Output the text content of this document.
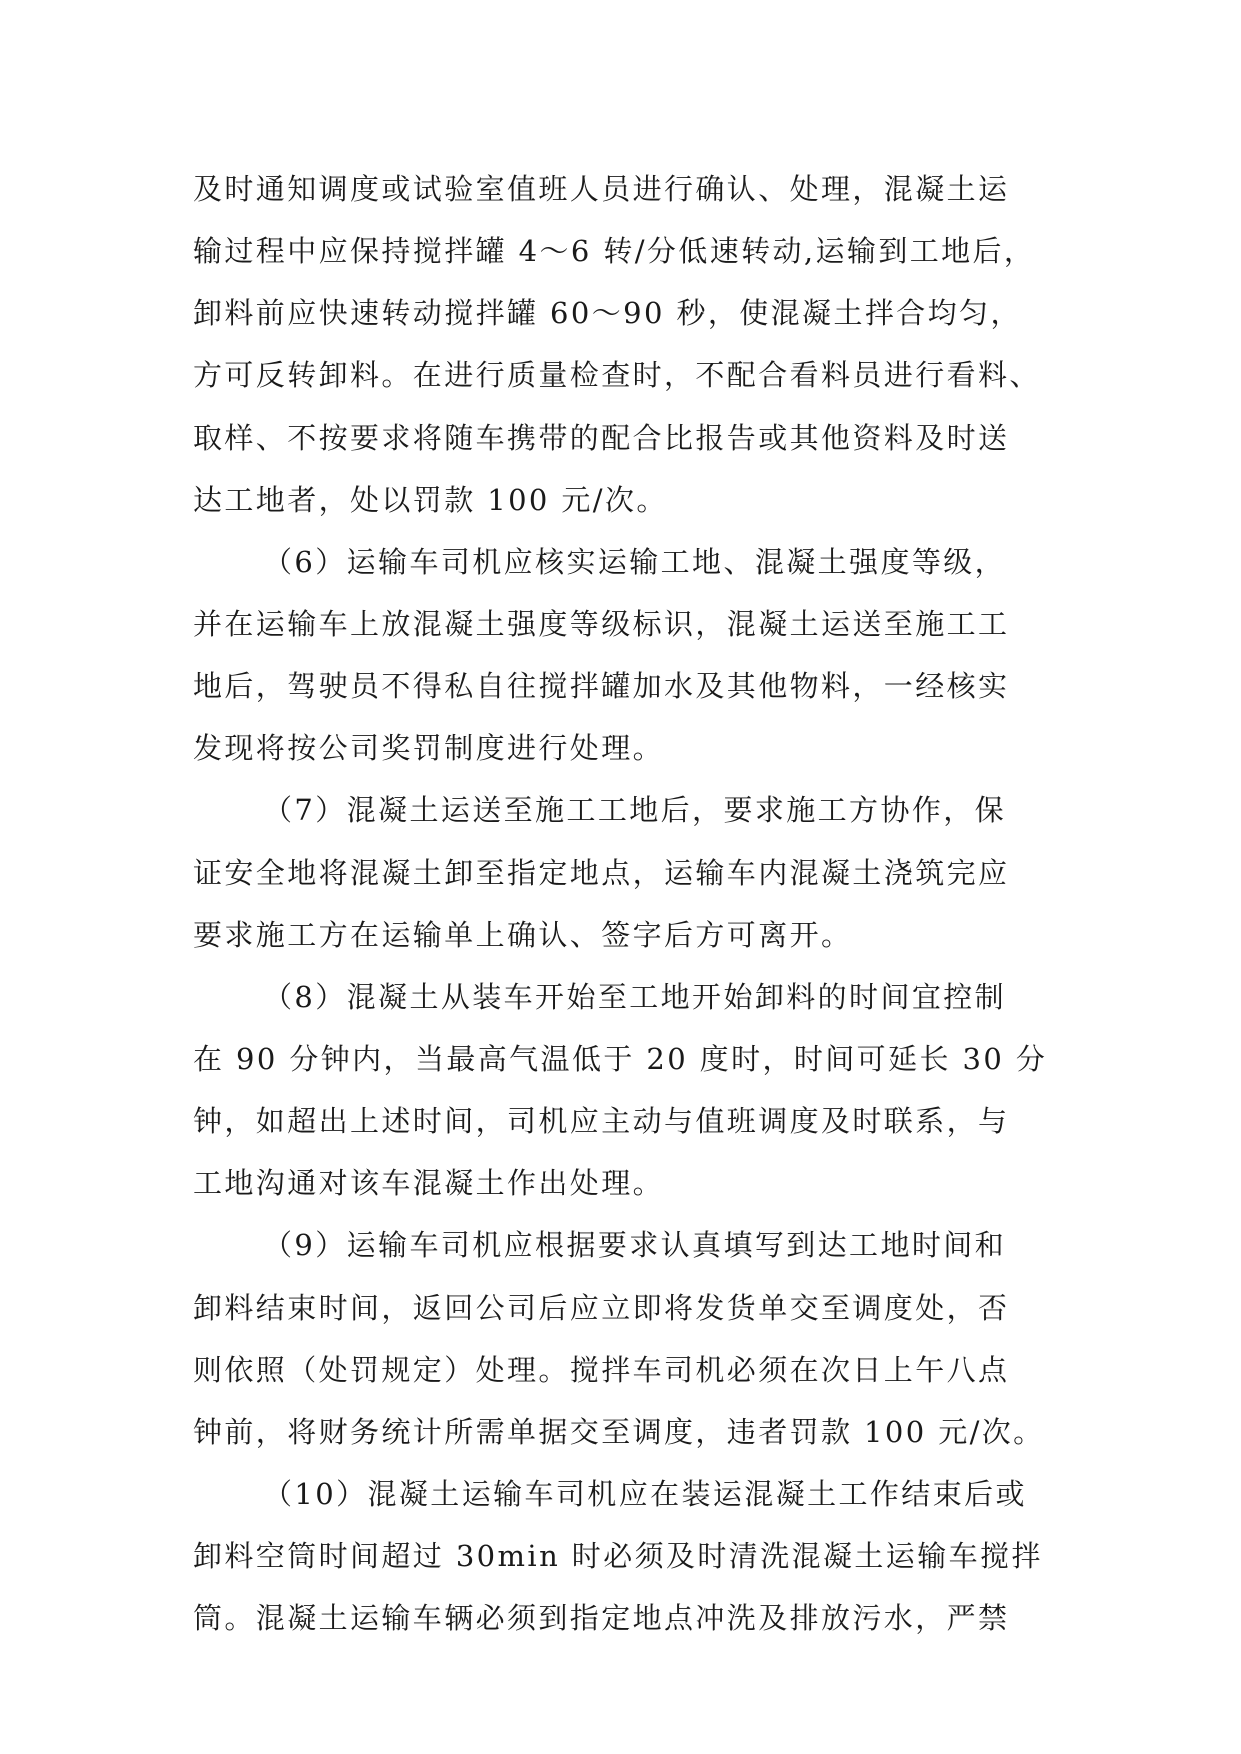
及时通知调度或试验室值班人员进行确认、处理，混凝土运
输过程中应保持搅拌罐 4～6 转/分低速转动,运输到工地后，
卸料前应快速转动搅拌罐 60～90 秒，使混凝土拌合均匀，
方可反转卸料。在进行质量检查时，不配合看料员进行看料、
取样、不按要求将随车携带的配合比报告或其他资料及时送
达工地者，处以罚款 100 元/次。
（6）运输车司机应核实运输工地、混凝土强度等级，
并在运输车上放混凝土强度等级标识，混凝土运送至施工工
地后，驾驶员不得私自往搅拌罐加水及其他物料，一经核实
发现将按公司奖罚制度进行处理。
（7）混凝土运送至施工工地后，要求施工方协作，保
证安全地将混凝土卸至指定地点，运输车内混凝土浇筑完应
要求施工方在运输单上确认、签字后方可离开。
（8）混凝土从装车开始至工地开始卸料的时间宜控制
在 90 分钟内，当最高气温低于 20 度时，时间可延长 30 分
钟，如超出上述时间，司机应主动与值班调度及时联系，与
工地沟通对该车混凝土作出处理。
（9）运输车司机应根据要求认真填写到达工地时间和
卸料结束时间，返回公司后应立即将发货单交至调度处，否
则依照（处罚规定）处理。搅拌车司机必须在次日上午八点
钟前，将财务统计所需单据交至调度，违者罚款 100 元/次。
（10）混凝土运输车司机应在装运混凝土工作结束后或
卸料空筒时间超过 30min 时必须及时清洗混凝土运输车搅拌
筒。混凝土运输车辆必须到指定地点冲洗及排放污水，严禁
